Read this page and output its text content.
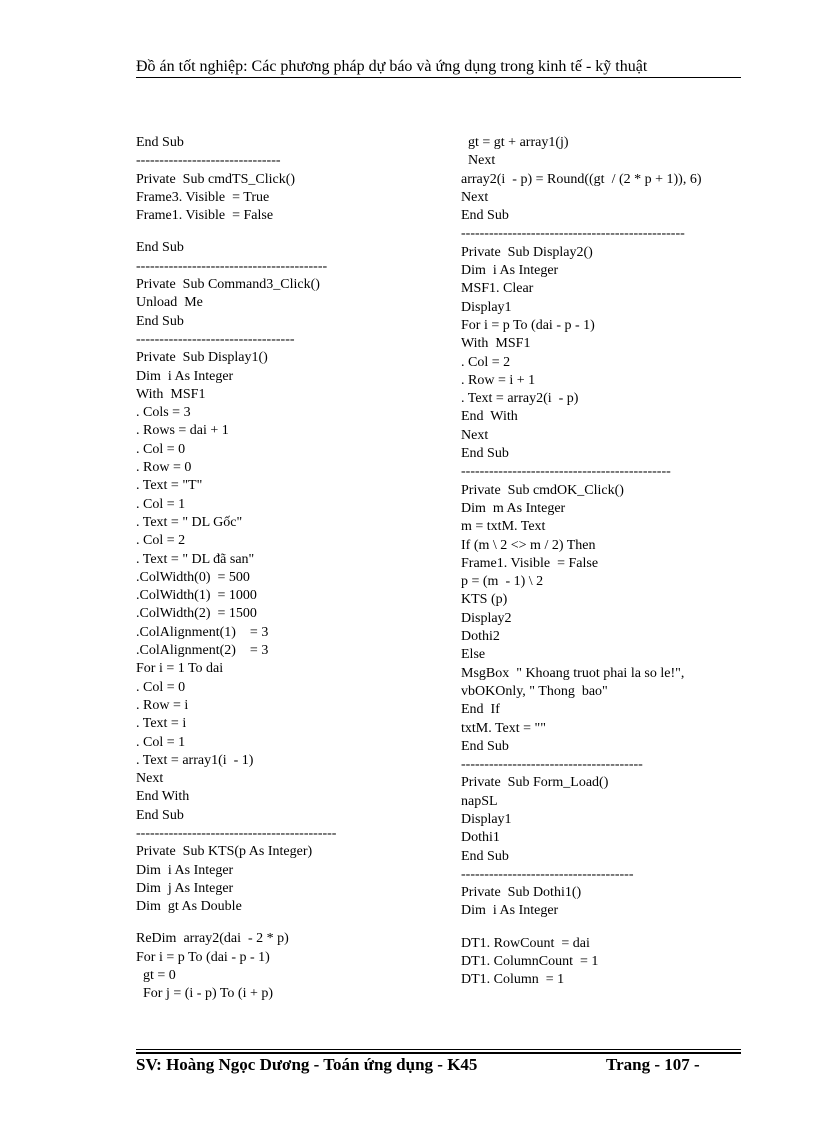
Đồ án tốt nghiệp: Các phương pháp dự báo và ứng dụng trong kinh tế - kỹ thuật
End Sub
-------------------------------
Private  Sub cmdTS_Click()
Frame3. Visible  = True
Frame1. Visible  = False
End Sub
-----------------------------------------
Private  Sub Command3_Click()
Unload  Me
End Sub
----------------------------------
Private  Sub Display1()
Dim  i As Integer
With  MSF1
. Cols = 3
. Rows = dai + 1
. Col = 0
. Row = 0
. Text = "T"
. Col = 1
. Text = " DL Gốc"
. Col = 2
. Text = " DL đã san"
.ColWidth(0)  = 500
.ColWidth(1)  = 1000
.ColWidth(2)  = 1500
.ColAlignment(1)    = 3
.ColAlignment(2)    = 3
For i = 1 To dai
. Col = 0
. Row = i
. Text = i
. Col = 1
. Text = array1(i  - 1)
Next
End With
End Sub
-------------------------------------------
Private  Sub KTS(p As Integer)
Dim  i As Integer
Dim  j As Integer
Dim  gt As Double
ReDim  array2(dai  - 2 * p)
For i = p To (dai - p - 1)
gt = 0
For j = (i - p) To (i + p)
gt = gt + array1(j)
Next
array2(i  - p) = Round((gt  / (2 * p + 1)), 6)
Next
End Sub
------------------------------------------------
Private  Sub Display2()
Dim  i As Integer
MSF1. Clear
Display1
For i = p To (dai - p - 1)
With  MSF1
. Col = 2
. Row = i + 1
. Text = array2(i  - p)
End  With
Next
End Sub
---------------------------------------------
Private  Sub cmdOK_Click()
Dim  m As Integer
m = txtM. Text
If (m \ 2 <> m / 2) Then
Frame1. Visible  = False
p = (m  - 1) \ 2
KTS (p)
Display2
Dothi2
Else
MsgBox  " Khoang truot phai la so le!",
vbOKOnly, " Thong  bao"
End  If
txtM. Text = ""
End Sub
---------------------------------------
Private  Sub Form_Load()
napSL
Display1
Dothi1
End Sub
-------------------------------------
Private  Sub Dothi1()
Dim  i As Integer
DT1. RowCount  = dai
DT1. ColumnCount  = 1
DT1. Column  = 1
SV: Hoàng Ngọc Dương - Toán ứng dụng - K45	Trang - 107 -
